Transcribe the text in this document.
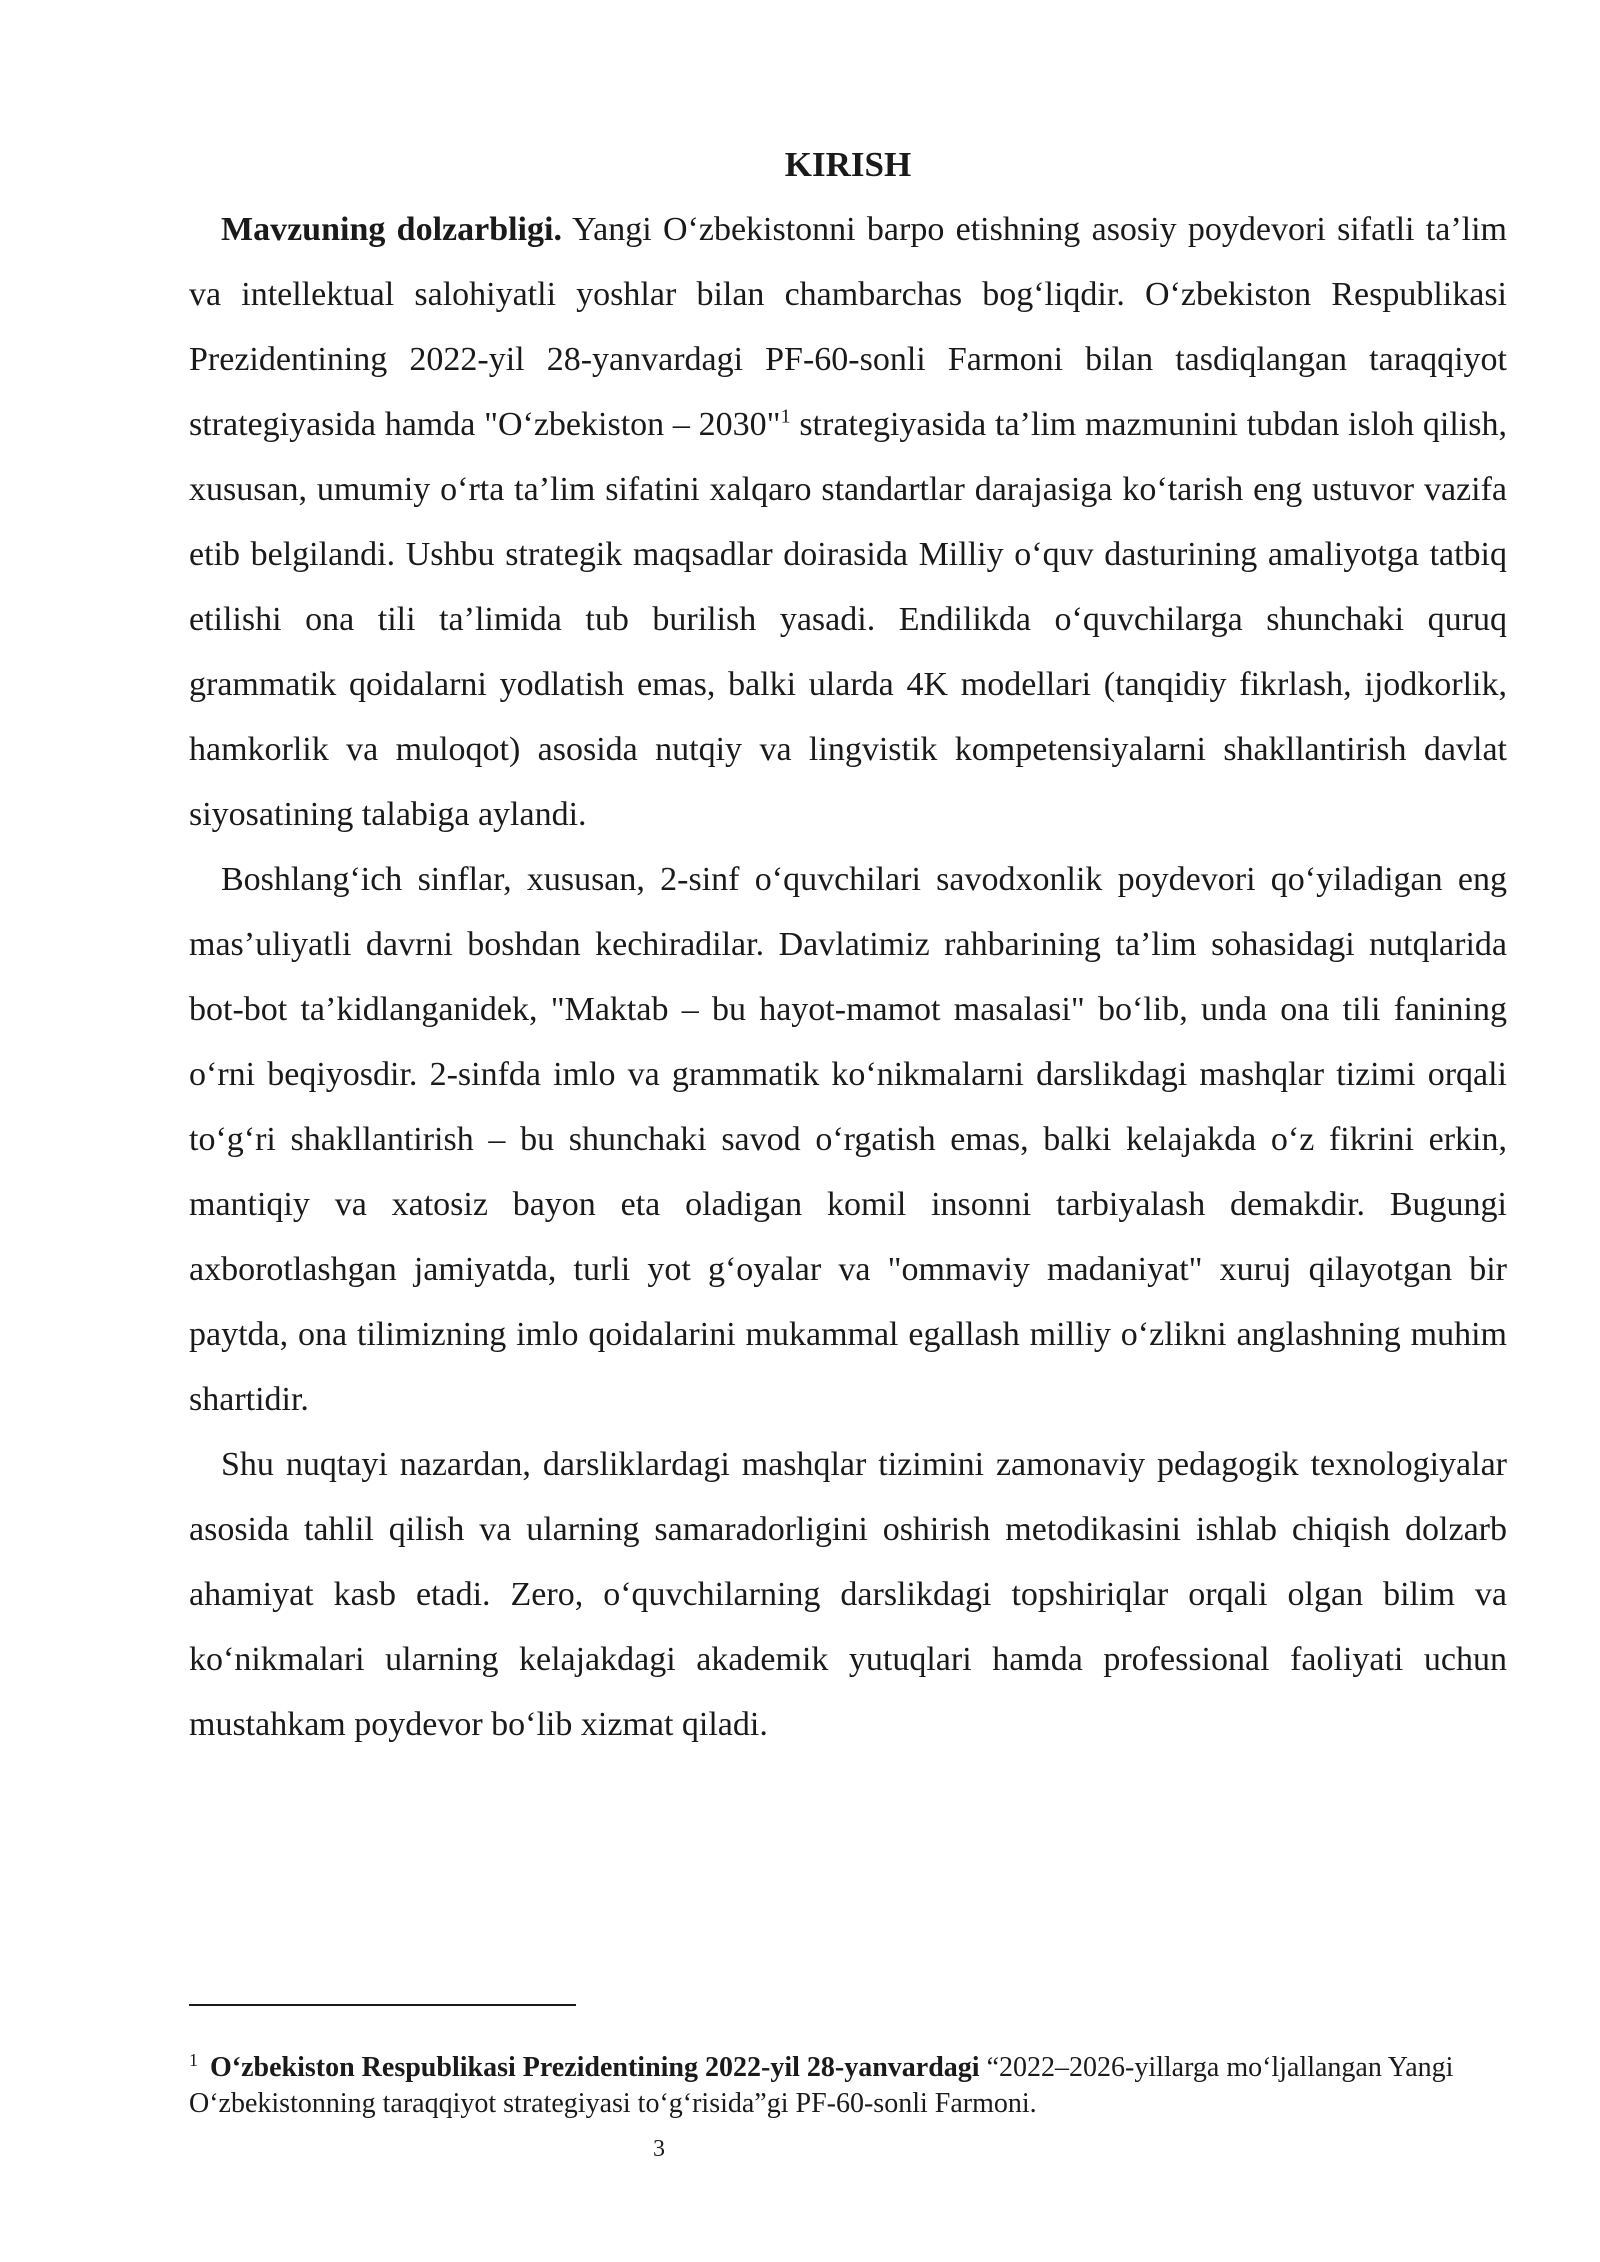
KIRISH

Mavzuning dolzarbligi. Yangi O‘zbekistonni barpo etishning asosiy poydevori sifatli ta’lim va intellektual salohiyatli yoshlar bilan chambarchas bog‘liqdir. O‘zbekiston Respublikasi Prezidentining 2022-yil 28-yanvardagi PF-60-sonli Farmoni bilan tasdiqlangan taraqqiyot strategiyasida hamda "O‘zbekiston – 2030"$^1$ strategiyasida ta’lim mazmunini tubdan isloh qilish, xususan, umumiy o‘rta ta’lim sifatini xalqaro standartlar darajasiga ko‘tarish eng ustuvor vazifa etib belgilandi. Ushbu strategik maqsadlar doirasida Milliy o‘quv dasturining amaliyotga tatbiq etilishi ona tili ta’limida tub burilish yasadi. Endilikda o‘quvchilarga shunchaki quruq grammatik qoidalarni yodlatish emas, balki ularda 4K modellari (tanqidiy fikrlash, ijodkorlik, hamkorlik va muloqot) asosida nutqiy va lingvistik kompetensiyalarni shakllantirish davlat siyosatining talabiga aylandi.

Boshlang‘ich sinflar, xususan, 2-sinf o‘quvchilari savodxonlik poydevori qo‘yiladigan eng mas’uliyatli davrni boshdan kechiradilar. Davlatimiz rahbarining ta’lim sohasidagi nutqlarida bot-bot ta’kidlanganidek, "Maktab – bu hayot-mamot masalasi" bo‘lib, unda ona tili fanining o‘rni beqiyosdir. 2-sinfda imlo va grammatik ko‘nikmalarni darslikdagi mashqlar tizimi orqali to‘g‘ri shakllantirish – bu shunchaki savod o‘rgatish emas, balki kelajakda o‘z fikrini erkin, mantiqiy va xatosiz bayon eta oladigan komil insonni tarbiyalash demakdir. Bugungi axborotlashgan jamiyatda, turli yot g‘oyalar va "ommaviy madaniyat" xuruj qilayotgan bir paytda, ona tilimizning imlo qoidalarini mukammal egallash milliy o‘zlikni anglashning muhim shartidir.

Shu nuqtayi nazardan, darsliklardagi mashqlar tizimini zamonaviy pedagogik texnologiyalar asosida tahlil qilish va ularning samaradorligini oshirish metodikasini ishlab chiqish dolzarb ahamiyat kasb etadi. Zero, o‘quvchilarning darslikdagi topshiriqlar orqali olgan bilim va ko‘nikmalari ularning kelajakdagi akademik yutuqlari hamda professional faoliyati uchun mustahkam poydevor bo‘lib xizmat qiladi.

$^1$ O‘zbekiston Respublikasi Prezidentining 2022-yil 28-yanvardagi “2022–2026-yillarga mo‘ljallangan Yangi O‘zbekistonning taraqqiyot strategiyasi to‘g‘risida”gi PF-60-sonli Farmoni.

3
